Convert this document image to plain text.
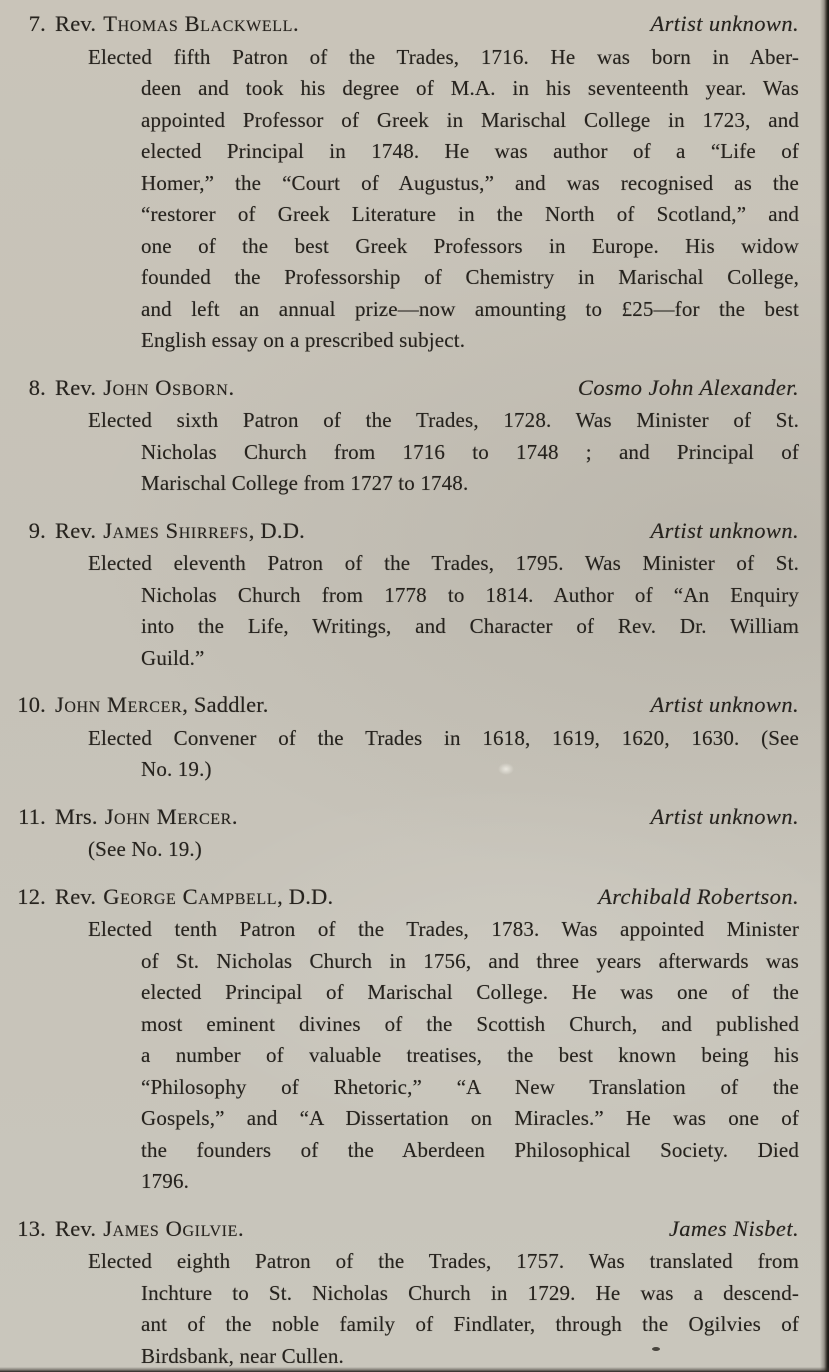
7. Rev. Thomas Blackwell.	Artist unknown.
Elected fifth Patron of the Trades, 1716. He was born in Aber-
deen and took his degree of M.A. in his seventeenth year. Was
appointed Professor of Greek in Marischal College in 1723, and
elected Principal in 1748. He was author of a “Life of
Homer,” the “Court of Augustus,” and was recognised as the
“restorer of Greek Literature in the North of Scotland,” and
one of the best Greek Professors in Europe. His widow
founded the Professorship of Chemistry in Marischal College,
and left an annual prize—now amounting to £25—for the best
English essay on a prescribed subject.
8. Rev. John Osborn.	Cosmo John Alexander.
Elected sixth Patron of the Trades, 1728. Was Minister of St.
Nicholas Church from 1716 to 1748 ; and Principal of
Marischal College from 1727 to 1748.
9. Rev. James Shirrefs, D.D.	Artist unknown.
Elected eleventh Patron of the Trades, 1795. Was Minister of St.
Nicholas Church from 1778 to 1814. Author of “An Enquiry
into the Life, Writings, and Character of Rev. Dr. William
Guild.”
10. John Mercer, Saddler.	Artist unknown.
Elected Convener of the Trades in 1618, 1619, 1620, 1630. (See
No. 19.)
11. Mrs. John Mercer.	Artist unknown.
(See No. 19.)
12. Rev. George Campbell, D.D.	Archibald Robertson.
Elected tenth Patron of the Trades, 1783. Was appointed Minister
of St. Nicholas Church in 1756, and three years afterwards was
elected Principal of Marischal College. He was one of the
most eminent divines of the Scottish Church, and published
a number of valuable treatises, the best known being his
“Philosophy of Rhetoric,” “A New Translation of the
Gospels,” and “A Dissertation on Miracles.” He was one of
the founders of the Aberdeen Philosophical Society. Died
1796.
13. Rev. James Ogilvie.	James Nisbet.
Elected eighth Patron of the Trades, 1757. Was translated from
Inchture to St. Nicholas Church in 1729. He was a descend-
ant of the noble family of Findlater, through the Ogilvies of
Birdsbank, near Cullen.
